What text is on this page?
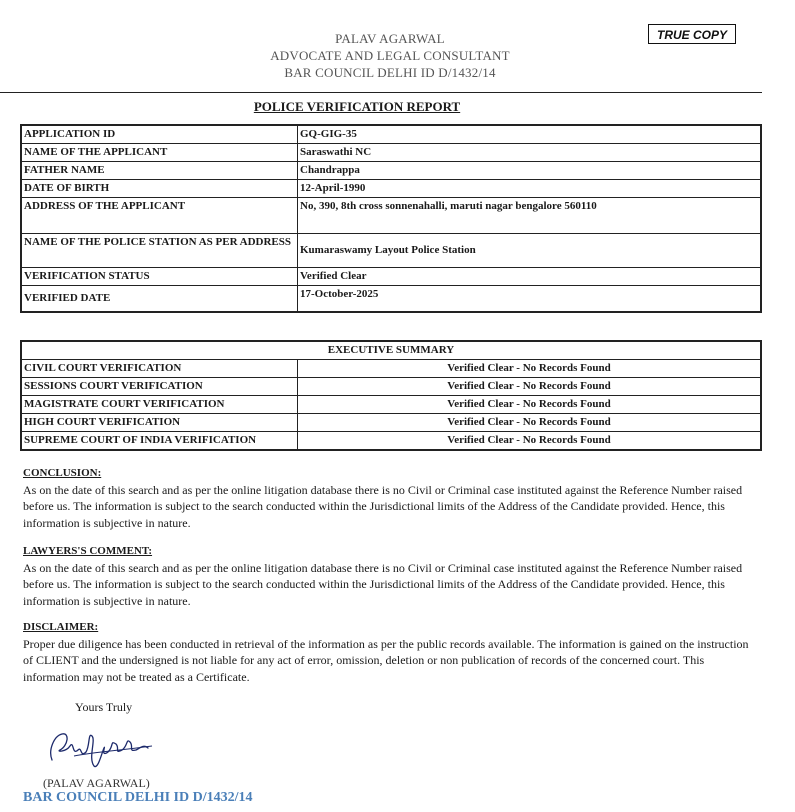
PALAV AGARWAL
ADVOCATE AND LEGAL CONSULTANT
BAR COUNCIL DELHI ID D/1432/14
TRUE COPY
POLICE VERIFICATION REPORT
APPLICATION ID	GQ-GIG-35
NAME OF THE APPLICANT	Saraswathi NC
FATHER NAME	Chandrappa
DATE OF BIRTH	12-April-1990
ADDRESS OF THE APPLICANT	No, 390, 8th cross sonnenahalli, maruti nagar bengalore 560110
NAME OF THE POLICE STATION AS PER ADDRESS	Kumaraswamy Layout Police Station
VERIFICATION STATUS	Verified Clear
VERIFIED DATE	17-October-2025
EXECUTIVE SUMMARY	
CIVIL COURT VERIFICATION	Verified Clear - No Records Found
SESSIONS COURT VERIFICATION	Verified Clear - No Records Found
MAGISTRATE COURT VERIFICATION	Verified Clear - No Records Found
HIGH COURT VERIFICATION	Verified Clear - No Records Found
SUPREME COURT OF INDIA VERIFICATION	Verified Clear - No Records Found
CONCLUSION:
As on the date of this search and as per the online litigation database there is no Civil or Criminal case instituted against the Reference Number raised before us. The information is subject to the search conducted within the Jurisdictional limits of the Address of the Candidate provided. Hence, this information is subjective in nature.
LAWYERS'S COMMENT:
As on the date of this search and as per the online litigation database there is no Civil or Criminal case instituted against the Reference Number raised before us. The information is subject to the search conducted within the Jurisdictional limits of the Address of the Candidate provided. Hence, this information is subjective in nature.
DISCLAIMER:
Proper due diligence has been conducted in retrieval of the information as per the public records available. The information is gained on the instruction of CLIENT and the undersigned is not liable for any act of error, omission, deletion or non publication of records of the concerned court. This information may not be treated as a Certificate.
Yours Truly
(PALAV AGARWAL)
BAR COUNCIL DELHI ID D/1432/14
